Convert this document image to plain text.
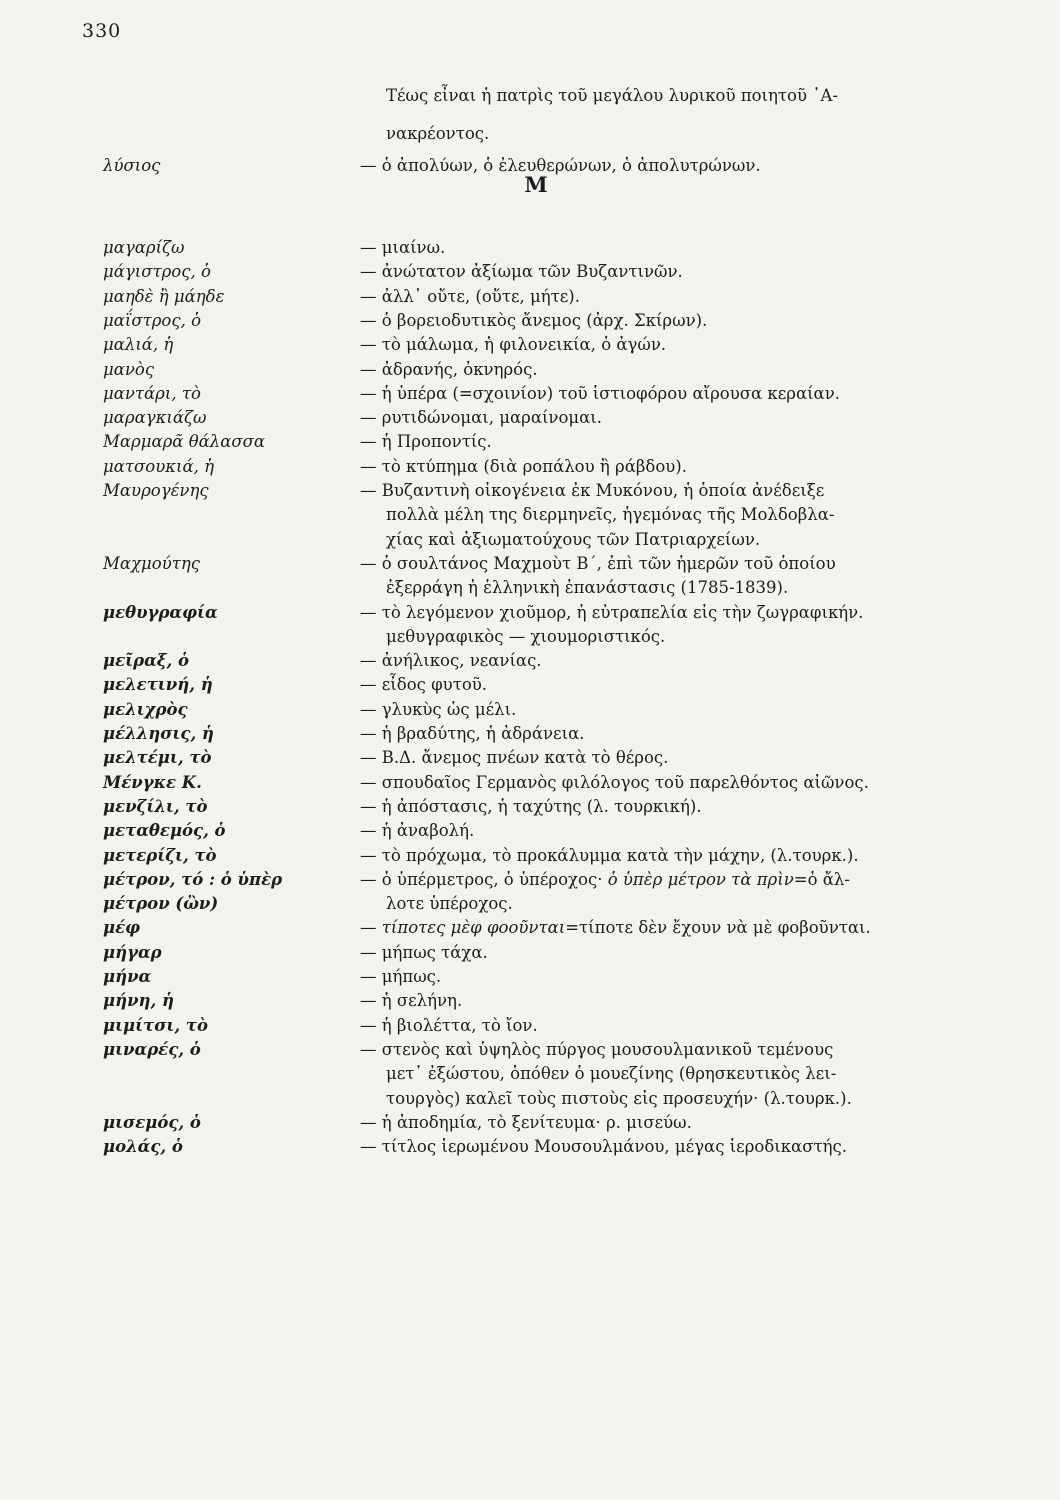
330
Τέως εἶναι ἡ πατρὶς τοῦ μεγάλου λυρικοῦ ποιητοῦ ᾿Α-
νακρέοντος.
λύσιος	— ὁ ἀπολύων, ὁ ἐλευθερώνων, ὁ ἀπολυτρώνων.
Μ
μαγαρίζω	— μιαίνω.
μάγιστρος, ὁ	— ἀνώτατον ἀξίωμα τῶν Βυζαντινῶν.
μαηδὲ ἢ μάηδε	— ἀλλ᾿ οὔτε, (οὔτε, μήτε).
μαΐστρος, ὁ	— ὁ βορειοδυτικὸς ἄνεμος (ἀρχ. Σκίρων).
μαλιά, ἡ	— τὸ μάλωμα, ἡ φιλονεικία, ὁ ἀγών.
μανὸς	— ἀδρανής, ὀκνηρός.
μαντάρι, τὸ	— ἡ ὑπέρα (=σχοινίον) τοῦ ἱστιοφόρου αἴρουσα κεραίαν.
μαραγκιάζω	— ρυτιδώνομαι, μαραίνομαι.
Μαρμαρᾶ θάλασσα	— ἡ Προποντίς.
ματσουκιά, ἡ	— τὸ κτύπημα (διὰ ροπάλου ἢ ράβδου).
Μαυρογένης	— Βυζαντινὴ οἰκογένεια ἐκ Μυκόνου, ἡ ὁποία ἀνέδειξε
πολλὰ μέλη της διερμηνεῖς, ἡγεμόνας τῆς Μολδοβλα-
χίας καὶ ἀξιωματούχους τῶν Πατριαρχείων.
Μαχμούτης	— ὁ σουλτάνος Μαχμοὺτ Β΄, ἐπὶ τῶν ἡμερῶν τοῦ ὁποίου
ἐξερράγη ἡ ἑλληνικὴ ἐπανάστασις (1785-1839).
μεθυγραφία	— τὸ λεγόμενον χιοῦμορ, ἡ εὐτραπελία εἰς τὴν ζωγραφικήν.
μεθυγραφικὸς — χιουμοριστικός.
μεῖραξ, ὁ	— ἀνήλικος, νεανίας.
μελετινή, ἡ	— εἶδος φυτοῦ.
μελιχρὸς	— γλυκὺς ὡς μέλι.
μέλλησις, ἡ	— ἡ βραδύτης, ἡ ἀδράνεια.
μελτέμι, τὸ	— Β.Δ. ἄνεμος πνέων κατὰ τὸ θέρος.
Μένγκε Κ.	— σπουδαῖος Γερμανὸς φιλόλογος τοῦ παρελθόντος αἰῶνος.
μενζίλι, τὸ	— ἡ ἀπόστασις, ἡ ταχύτης (λ. τουρκική).
μεταθεμός, ὁ	— ἡ ἀναβολή.
μετερίζι, τὸ	— τὸ πρόχωμα, τὸ προκάλυμμα κατὰ τὴν μάχην, (λ.τουρκ.).
μέτρον, τό : ὁ ὑπὲρ	— ὁ ὑπέρμετρος, ὁ ὑπέροχος· ὁ ὑπὲρ μέτρον τὰ πρὶν=ὁ ἄλ-
μέτρον (ὢν)	λοτε ὑπέροχος.
μέφ	— τίποτες μὲφ φοοῦνται=τίποτε δὲν ἔχουν νὰ μὲ φοβοῦνται.
μήγαρ	— μήπως τάχα.
μήνα	— μήπως.
μήνη, ἡ	— ἡ σελήνη.
μιμίτσι, τὸ	— ἡ βιολέττα, τὸ ἴον.
μιναρές, ὁ	— στενὸς καὶ ὑψηλὸς πύργος μουσουλμανικοῦ τεμένους
μετ᾿ ἐξώστου, ὁπόθεν ὁ μουεζίνης (θρησκευτικὸς λει-
τουργὸς) καλεῖ τοὺς πιστοὺς εἰς προσευχήν· (λ.τουρκ.).
μισεμός, ὁ	— ἡ ἀποδημία, τὸ ξενίτευμα· ρ. μισεύω.
μολάς, ὁ	— τίτλος ἱερωμένου Μουσουλμάνου, μέγας ἱεροδικαστής.
